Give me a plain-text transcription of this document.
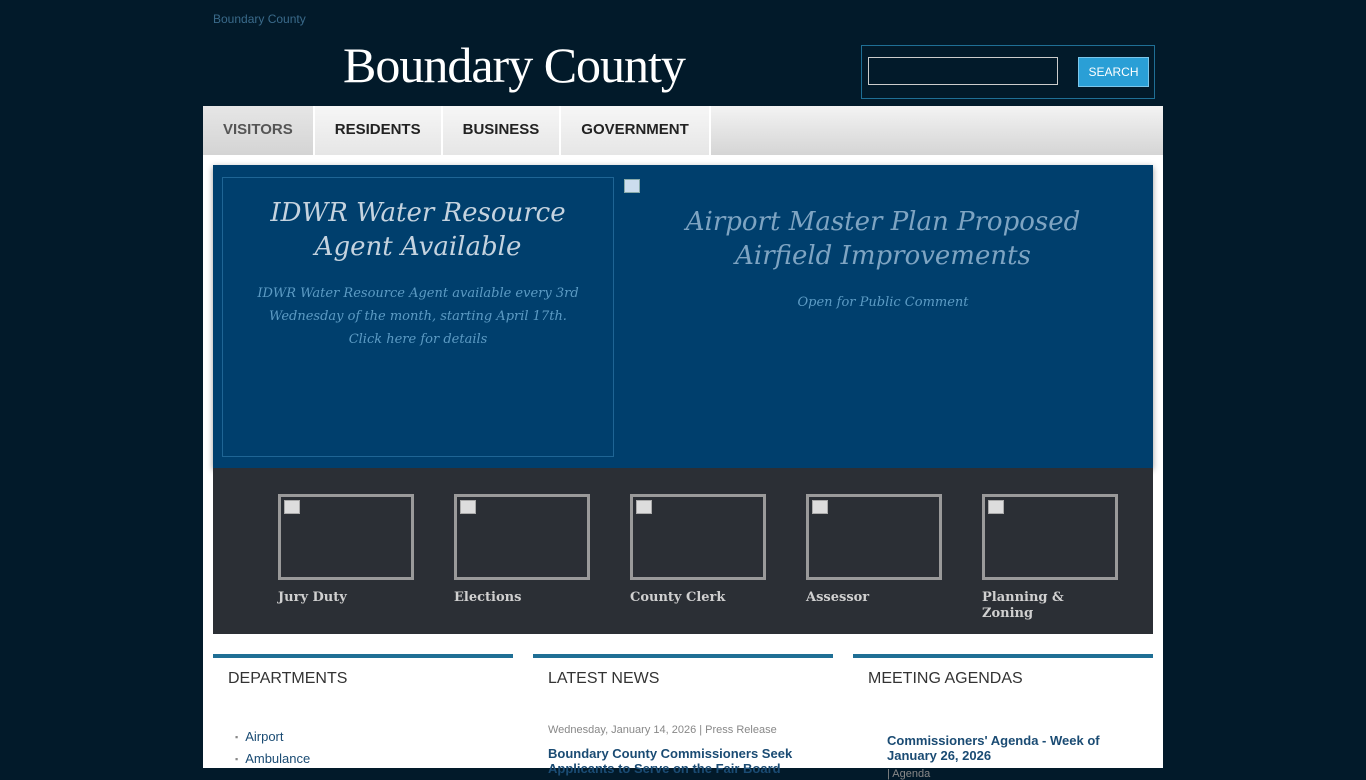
Boundary County
Boundary County	SEARCH
VISITORS	RESIDENTS	BUSINESS	GOVERNMENT
IDWR Water Resource Agent Available

IDWR Water Resource Agent available every 3rd Wednesday of the month, starting April 17th. Click here for details

Airport Master Plan Proposed Airfield Improvements

Open for Public Comment

Jury Duty	Elections	County Clerk	Assessor	Planning & Zoning
DEPARTMENTS
▪ Airport
▪ Ambulance
LATEST NEWS
Wednesday, January 14, 2026 | Press Release
Boundary County Commissioners Seek Applicants to Serve on the Fair Board
MEETING AGENDAS
Commissioners' Agenda - Week of January 26, 2026
| Agenda
